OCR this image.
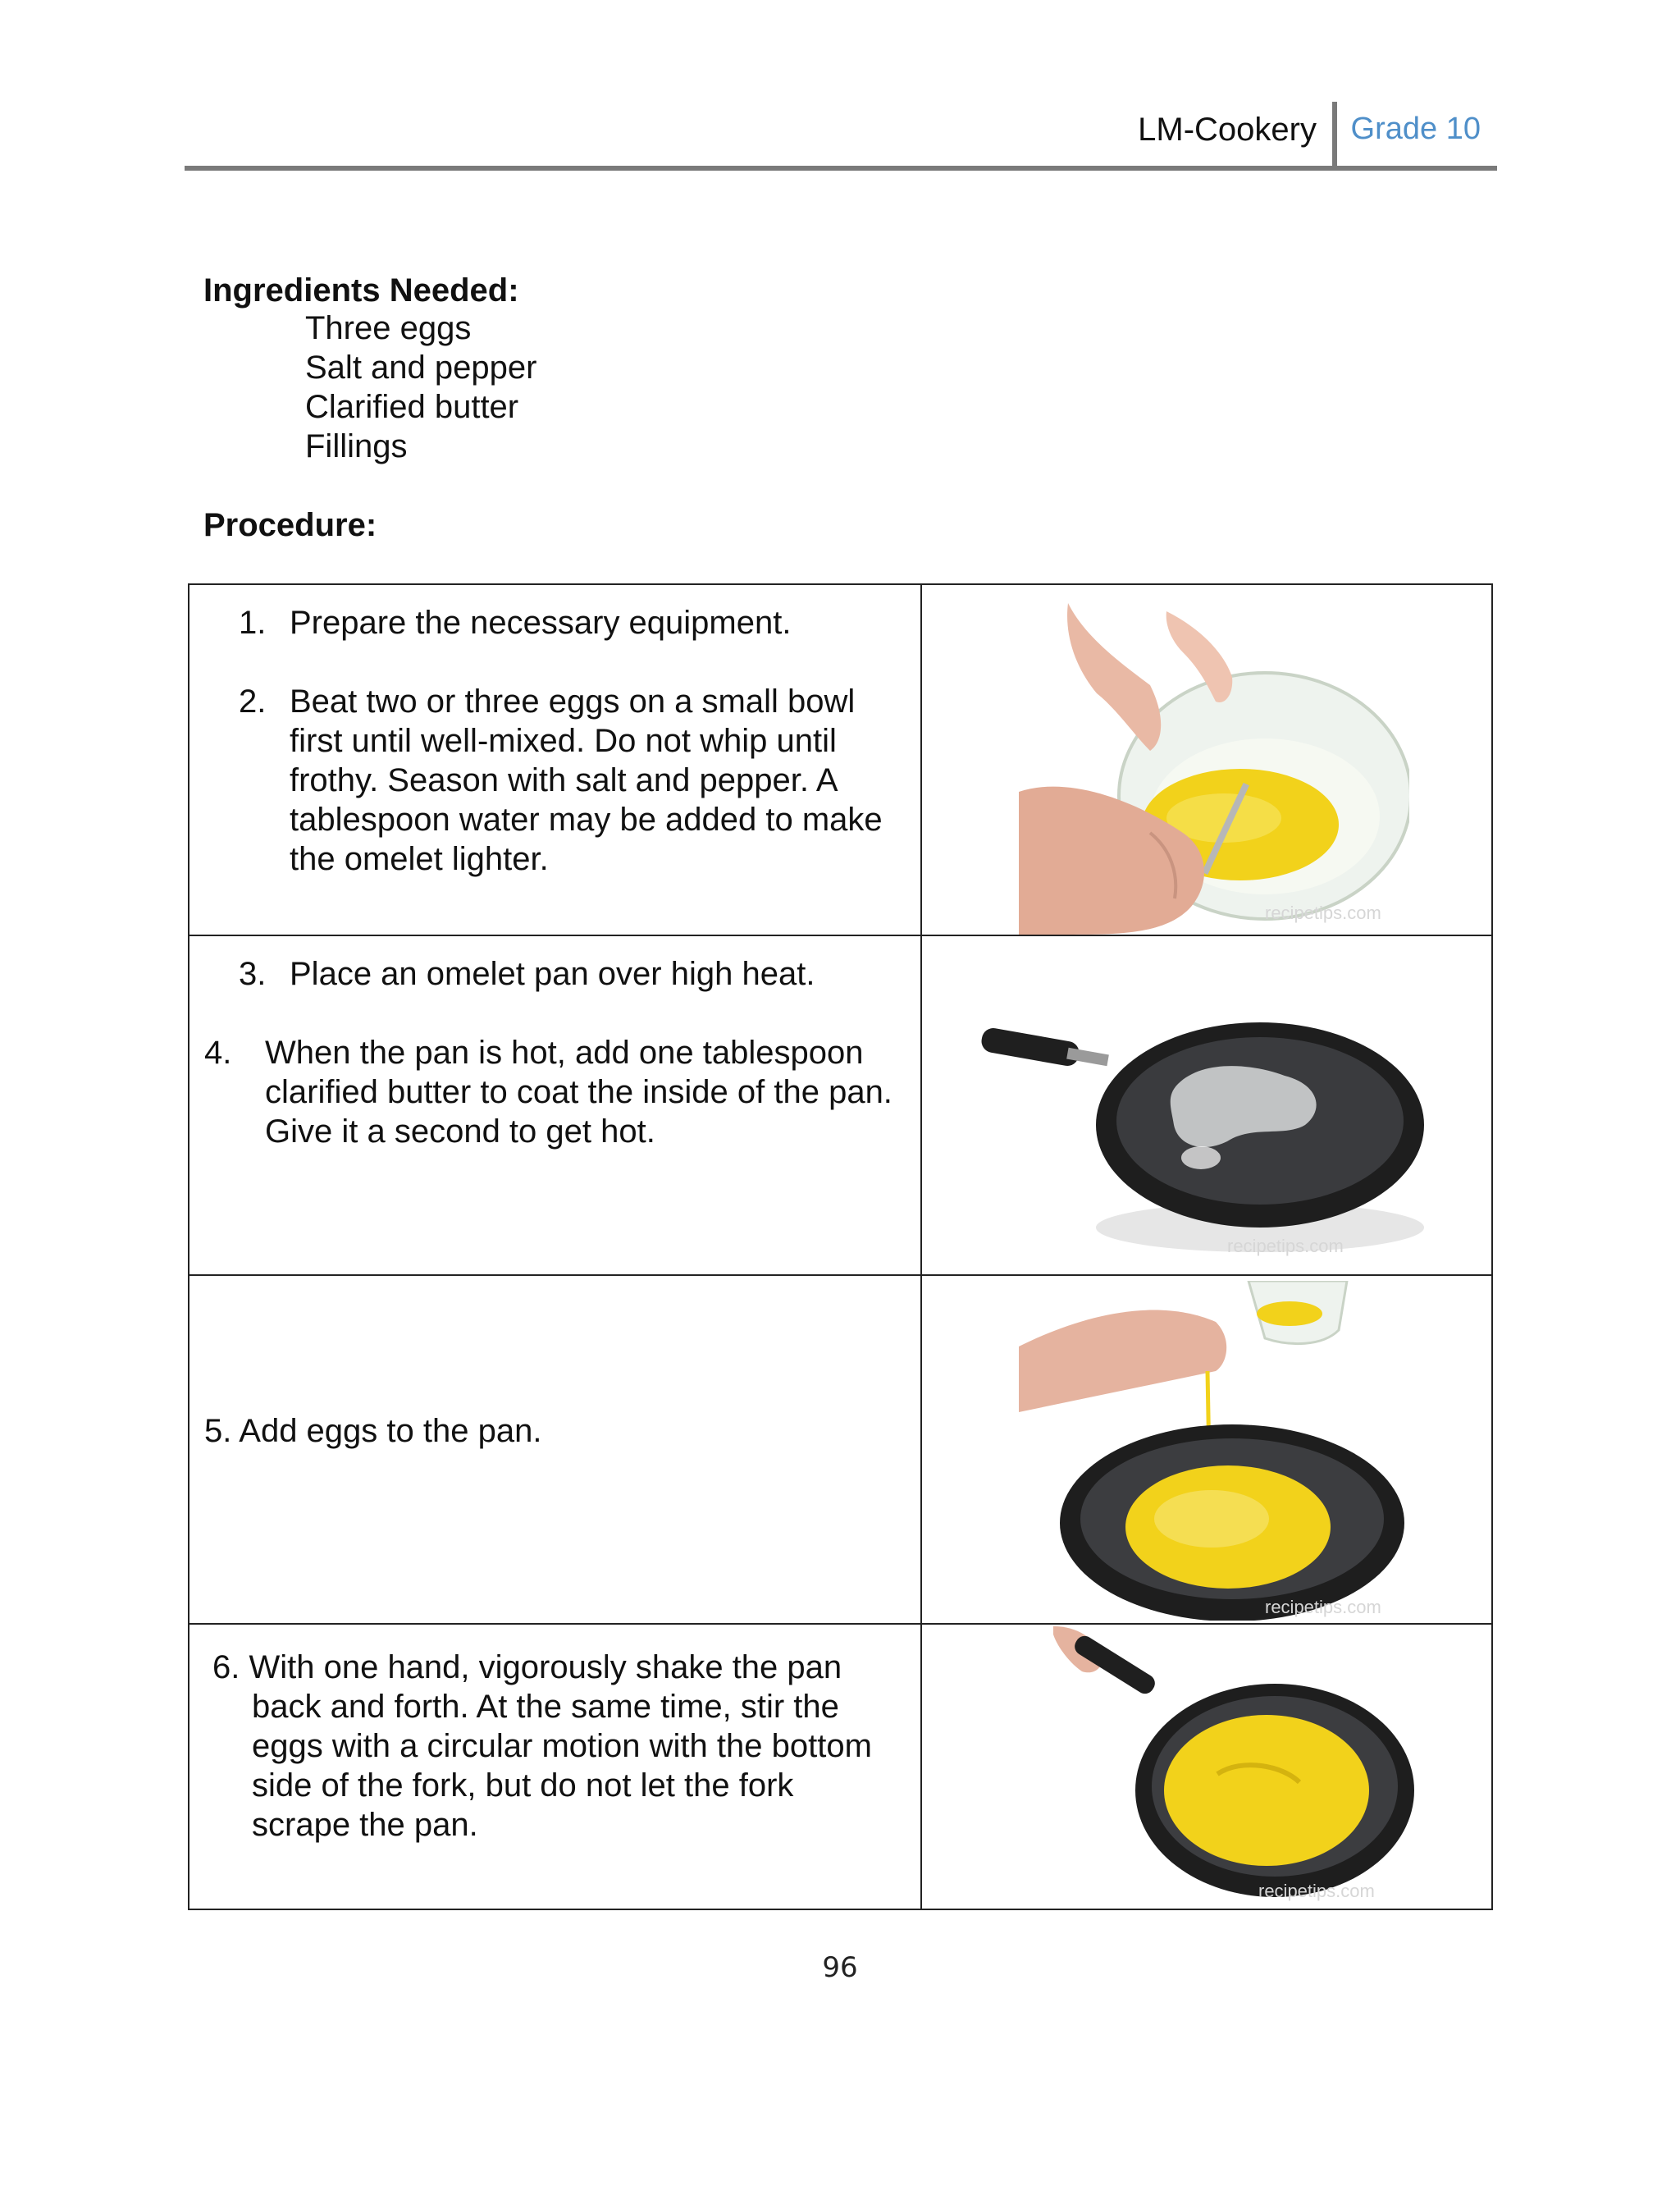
LM-Cookery Grade 10
Ingredients Needed:
Three eggs
Salt and pepper
Clarified butter
Fillings
Procedure:
1. Prepare the necessary equipment.
2. Beat two or three eggs on a small bowl first until well-mixed. Do not whip until frothy. Season with salt and pepper. A tablespoon water may be added to make the omelet lighter.	recipetips.com

3. Place an omelet pan over high heat.
4. When the pan is hot, add one tablespoon clarified butter to coat the inside of the pan. Give it a second to get hot.	recipetips.com

5. Add eggs to the pan.	recipetips.com

6. With one hand, vigorously shake the pan back and forth. At the same time, stir the eggs with a circular motion with the bottom side of the fork, but do not let the fork scrape the pan.	recipetips.com
96
